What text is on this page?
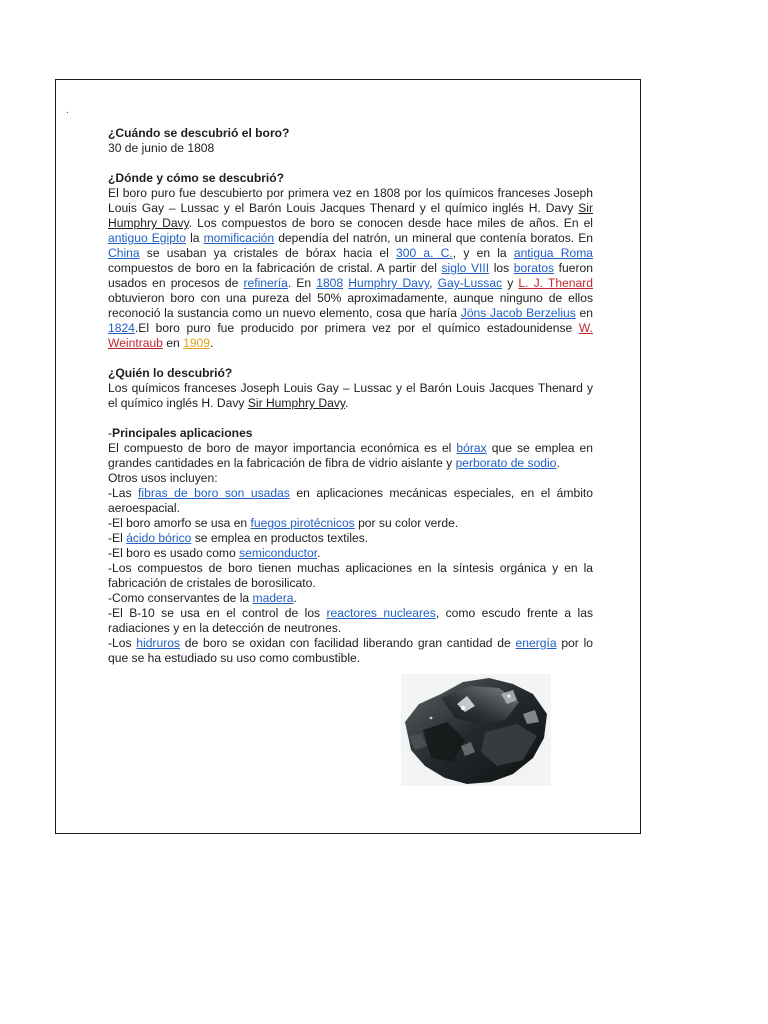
.
¿Cuándo se descubrió el boro?

30 de junio de 1808

¿Dónde y cómo se descubrió?

El boro puro fue descubierto por primera vez en 1808 por los químicos franceses Joseph Louis Gay – Lussac y el Barón Louis Jacques Thenard y el químico inglés H. Davy Sir Humphry Davy. Los compuestos de boro se conocen desde hace miles de años. En el antiguo Egipto la momificación dependía del natrón, un mineral que contenía boratos. En China se usaban ya cristales de bórax hacia el 300 a. C., y en la antigua Roma compuestos de boro en la fabricación de cristal. A partir del siglo VIII los boratos fueron usados en procesos de refinería. En 1808 Humphry Davy, Gay-Lussac y L. J. Thenard obtuvieron boro con una pureza del 50% aproximadamente, aunque ninguno de ellos reconoció la sustancia como un nuevo elemento, cosa que haría Jöns Jacob Berzelius en 1824.El boro puro fue producido por primera vez por el químico estadounidense W. Weintraub en 1909.

¿Quién lo descubrió?

Los químicos franceses Joseph Louis Gay – Lussac y el Barón Louis Jacques Thenard y el químico inglés H. Davy Sir Humphry Davy.

-Principales aplicaciones

El compuesto de boro de mayor importancia económica es el bórax que se emplea en grandes cantidades en la fabricación de fibra de vidrio aislante y perborato de sodio.

Otros usos incluyen:

-Las fibras de boro son usadas en aplicaciones mecánicas especiales, en el ámbito aeroespacial.

-El boro amorfo se usa en fuegos pirotécnicos por su color verde.

-El ácido bórico se emplea en productos textiles.

-El boro es usado como semiconductor.

-Los compuestos de boro tienen muchas aplicaciones en la síntesis orgánica y en la fabricación de cristales de borosilicato.

-Como conservantes de la madera.

-El B-10 se usa en el control de los reactores nucleares, como escudo frente a las radiaciones y en la detección de neutrones.

-Los hidruros de boro se oxidan con facilidad liberando gran cantidad de energía por lo que se ha estudiado su uso como combustible.
